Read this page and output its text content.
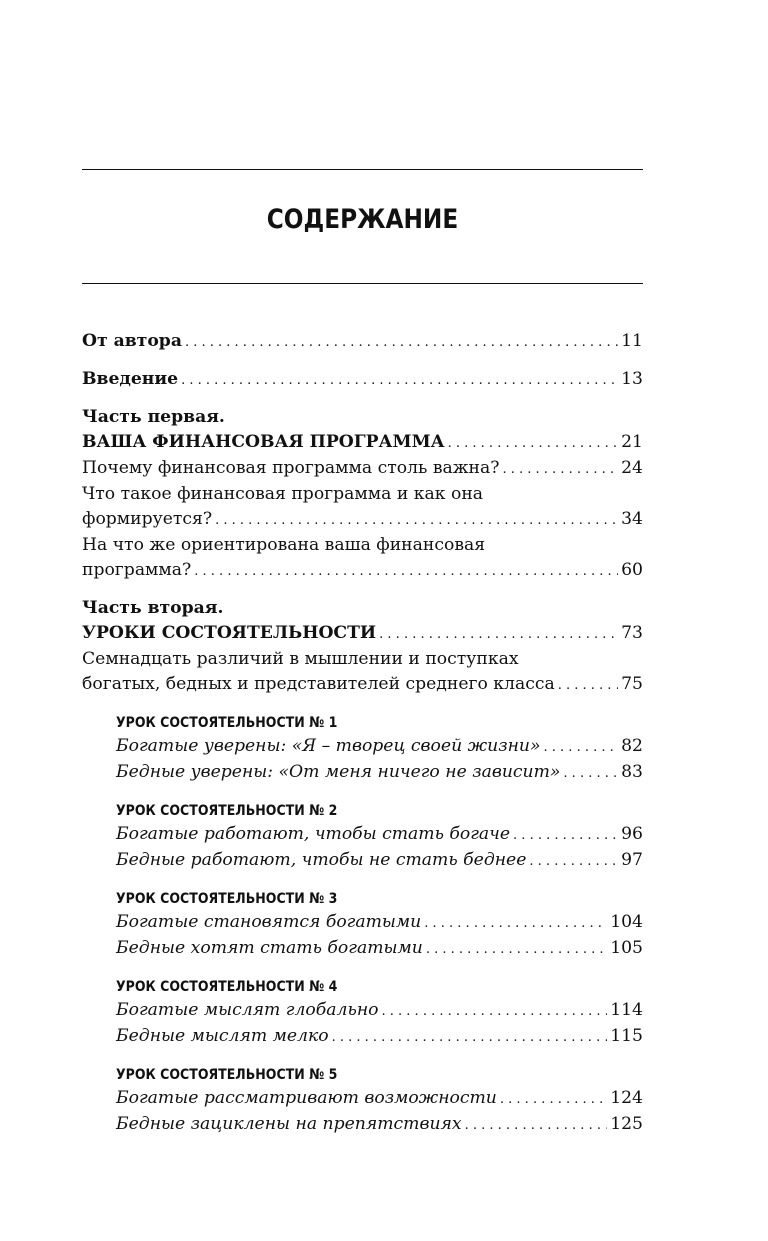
СОДЕРЖАНИЕ
От автора . . .	11
Введение . . .	13
Часть первая.
ВАША ФИНАНСОВАЯ ПРОГРАММА . . .	21
Почему финансовая программа столь важна? . . .	24
Что такое финансовая программа и как она
формируется? . . .	34
На что же ориентирована ваша финансовая
программа? . . .	60
Часть вторая.
УРОКИ СОСТОЯТЕЛЬНОСТИ . . .	73
Семнадцать различий в мышлении и поступках
богатых, бедных и представителей среднего класса . . .	75
УРОК СОСТОЯТЕЛЬНОСТИ № 1
Богатые уверены: «Я – творец своей жизни» . . .	82
Бедные уверены: «От меня ничего не зависит» . . .	83
УРОК СОСТОЯТЕЛЬНОСТИ № 2
Богатые работают, чтобы стать богаче . . .	96
Бедные работают, чтобы не стать беднее . . .	97
УРОК СОСТОЯТЕЛЬНОСТИ № 3
Богатые становятся богатыми . . .	104
Бедные хотят стать богатыми . . .	105
УРОК СОСТОЯТЕЛЬНОСТИ № 4
Богатые мыслят глобально . . .	114
Бедные мыслят мелко . . .	115
УРОК СОСТОЯТЕЛЬНОСТИ № 5
Богатые рассматривают возможности . . .	124
Бедные зациклены на препятствиях . . .	125
